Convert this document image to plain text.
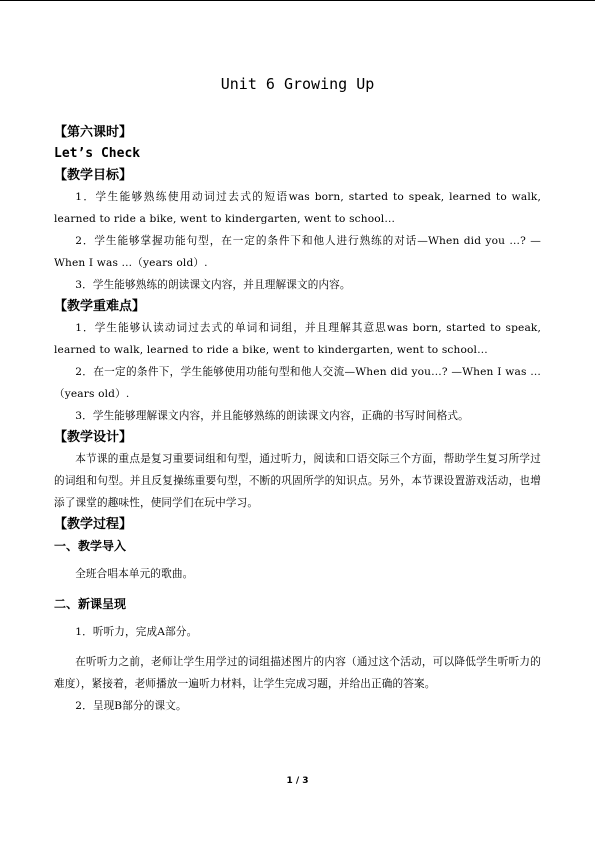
Unit 6 Growing Up

【第六课时】

Let’s Check

【教学目标】

1．学生能够熟练使用动词过去式的短语was born, started to speak, learned to walk, learned to ride a bike, went to kindergarten, went to school…

2．学生能够掌握功能句型，在一定的条件下和他人进行熟练的对话—When did you …? —When I was …（years old）.

3．学生能够熟练的朗读课文内容，并且理解课文的内容。

【教学重难点】

1．学生能够认读动词过去式的单词和词组，并且理解其意思was born, started to speak, learned to walk, learned to ride a bike, went to kindergarten, went to school…

2．在一定的条件下，学生能够使用功能句型和他人交流—When did you…? —When I was …（years old）.

3．学生能够理解课文内容，并且能够熟练的朗读课文内容，正确的书写时间格式。

【教学设计】

本节课的重点是复习重要词组和句型，通过听力，阅读和口语交际三个方面，帮助学生复习所学过的词组和句型。并且反复操练重要句型，不断的巩固所学的知识点。另外，本节课设置游戏活动，也增添了课堂的趣味性，使同学们在玩中学习。

【教学过程】

一、教学导入

全班合唱本单元的歌曲。

二、新课呈现

1．听听力，完成A部分。

在听听力之前，老师让学生用学过的词组描述图片的内容（通过这个活动，可以降低学生听听力的难度），紧接着，老师播放一遍听力材料，让学生完成习题，并给出正确的答案。

2．呈现B部分的课文。

1 / 3
